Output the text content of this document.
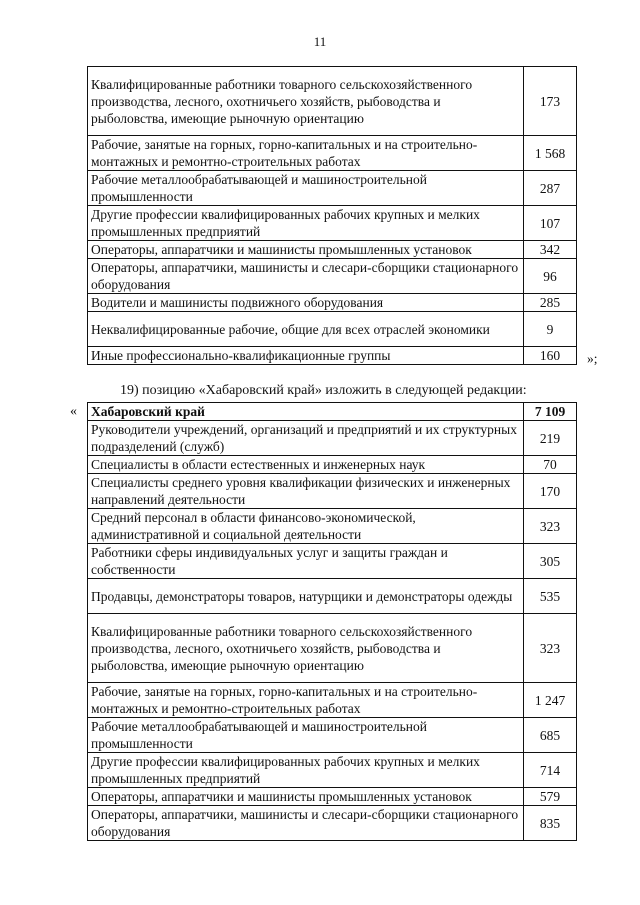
11
Квалифицированные работники товарного сельскохозяйственного производства, лесного, охотничьего хозяйств, рыбоводства и рыболовства, имеющие рыночную ориентацию	173
Рабочие, занятые на горных, горно-капитальных и на строительно-монтажных и ремонтно-строительных работах	1 568
Рабочие металлообрабатывающей и машиностроительной промышленности	287
Другие профессии квалифицированных рабочих крупных и мелких промышленных предприятий	107
Операторы, аппаратчики и машинисты промышленных установок	342
Операторы, аппаратчики, машинисты и слесари-сборщики стационарного оборудования	96
Водители и машинисты подвижного оборудования	285
Неквалифицированные рабочие, общие для всех отраслей экономики	9
Иные профессионально-квалификационные группы	160 »;
19) позицию «Хабаровский край» изложить в следующей редакции:
« Хабаровский край	7 109
Руководители учреждений, организаций и предприятий и их структурных подразделений (служб)	219
Специалисты в области естественных и инженерных наук	70
Специалисты среднего уровня квалификации физических и инженерных направлений деятельности	170
Средний персонал в области финансово-экономической, административной и социальной деятельности	323
Работники сферы индивидуальных услуг и защиты граждан и собственности	305
Продавцы, демонстраторы товаров, натурщики и демонстраторы одежды	535
Квалифицированные работники товарного сельскохозяйственного производства, лесного, охотничьего хозяйств, рыбоводства и рыболовства, имеющие рыночную ориентацию	323
Рабочие, занятые на горных, горно-капитальных и на строительно-монтажных и ремонтно-строительных работах	1 247
Рабочие металлообрабатывающей и машиностроительной промышленности	685
Другие профессии квалифицированных рабочих крупных и мелких промышленных предприятий	714
Операторы, аппаратчики и машинисты промышленных установок	579
Операторы, аппаратчики, машинисты и слесари-сборщики стационарного оборудования	835
